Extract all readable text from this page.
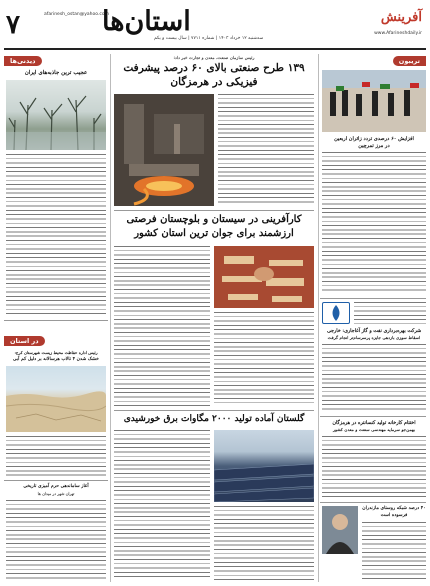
۷	afarinesh_ostan@yahoo.com
استان‌ها
سه‌شنبه ۱۲ خرداد ۱۴۰۳ | شماره ۷۷۱۱ | سال بیست و یکم
آفرینش
www.Afarineshdaily.ir
دیدنی‌ها
عجیب ترین جاذبه‌های ایران
در استان
رئیس اداره حفاظت محیط زیست شهرستان کرج:
خشک شدن ۴ تالاب هرسالانه بر دلیل کم آبی
آغاز ساماندهی حرم آمیزی تاریخی
تهران شهر در میدان ها
رئیس سازمان صنعت، معدن و تجارت خبر داد:
۱۳۹ طرح صنعتی بالای ۶۰ درصد پیشرفت
فیزیکی در هرمزگان
کارآفرینی در سیستان و بلوچستان فرصتی
ارزشمند برای جوان ترین استان کشور
گلستان آماده تولید ۲۰۰۰ مگاوات برق خورشیدی
تریبون
افزایش ۶۰ درصدی تردد زائران اربعین
در مرز تمرچین
شرکت بهره‌برداری نفت و گاز آغاجاری: خارجی
اسقاط سوزی بازدهی جایزه پرسرسام‌تر انجام گرفت
اختتام کارخانه تولید کنسانتره در هرمزگان
بهمن‌جو سرمایه مهندسی سنعت و معدن کشور
۴۰ درصد شبکه روستای مازندران
فرسوده است
